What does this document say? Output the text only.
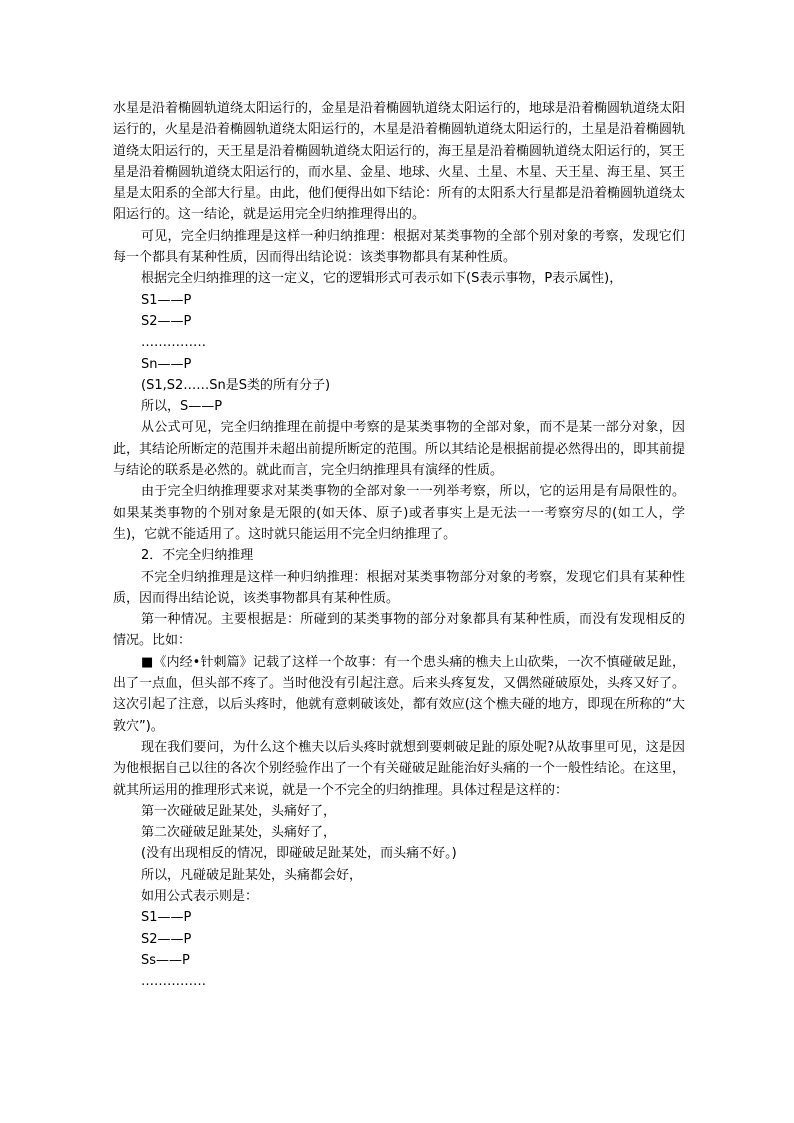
水星是沿着椭圆轨道绕太阳运行的，金星是沿着椭圆轨道绕太阳运行的，地球是沿着椭圆轨道绕太阳运行的，火星是沿着椭圆轨道绕太阳运行的，木星是沿着椭圆轨道绕太阳运行的，土星是沿着椭圆轨道绕太阳运行的，天王星是沿着椭圆轨道绕太阳运行的，海王星是沿着椭圆轨道绕太阳运行的，冥王星是沿着椭圆轨道绕太阳运行的，而水星、金星、地球、火星、土星、木星、天王星、海王星、冥王星是太阳系的全部大行星。由此，他们便得出如下结论：所有的太阳系大行星都是沿着椭圆轨道绕太阳运行的。这一结论，就是运用完全归纳推理得出的。

可见，完全归纳推理是这样一种归纳推理：根据对某类事物的全部个别对象的考察，发现它们每一个都具有某种性质，因而得出结论说：该类事物都具有某种性质。

根据完全归纳推理的这一定义，它的逻辑形式可表示如下(S表示事物，P表示属性)，

S1——P

S2——P

……………

Sn——P

(S1,S2……Sn是S类的所有分子)

所以，S——P

从公式可见，完全归纳推理在前提中考察的是某类事物的全部对象，而不是某一部分对象，因此，其结论所断定的范围并未超出前提所断定的范围。所以其结论是根据前提必然得出的，即其前提与结论的联系是必然的。就此而言，完全归纳推理具有演绎的性质。

由于完全归纳推理要求对某类事物的全部对象一一列举考察，所以，它的运用是有局限性的。如果某类事物的个别对象是无限的(如天体、原子)或者事实上是无法一一考察穷尽的(如工人，学生)，它就不能适用了。这时就只能运用不完全归纳推理了。

2．不完全归纳推理

不完全归纳推理是这样一种归纳推理：根据对某类事物部分对象的考察，发现它们具有某种性质，因而得出结论说，该类事物都具有某种性质。

第一种情况。主要根据是：所碰到的某类事物的部分对象都具有某种性质，而没有发现相反的情况。比如：

■《内经•针刺篇》记载了这样一个故事：有一个患头痛的樵夫上山砍柴，一次不慎碰破足趾，出了一点血，但头部不疼了。当时他没有引起注意。后来头疼复发，又偶然碰破原处，头疼又好了。这次引起了注意，以后头疼时，他就有意刺破该处，都有效应(这个樵夫碰的地方，即现在所称的“大敦穴”)。

现在我们要问，为什么这个樵夫以后头疼时就想到要刺破足趾的原处呢?从故事里可见，这是因为他根据自己以往的各次个别经验作出了一个有关碰破足趾能治好头痛的一个一般性结论。在这里，就其所运用的推理形式来说，就是一个不完全的归纳推理。具体过程是这样的：

第一次碰破足趾某处，头痛好了，

第二次碰破足趾某处，头痛好了，

(没有出现相反的情况，即碰破足趾某处，而头痛不好。)

所以，凡碰破足趾某处，头痛都会好，

如用公式表示则是：

S1——P

S2——P

Ss——P

……………
